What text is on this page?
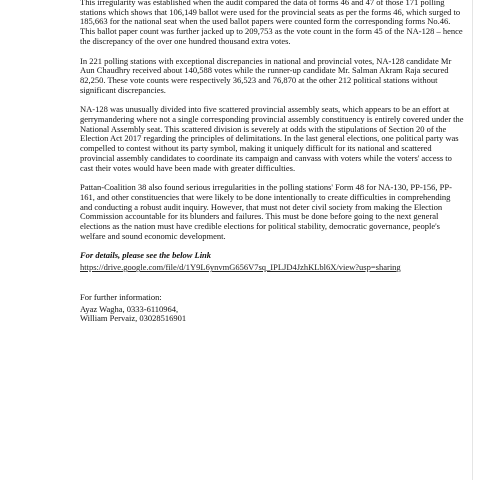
This irregularity was established when the audit compared the data of forms 46 and 47 of those 171 polling stations which shows that 106,149 ballot were used for the provincial seats as per the forms 46, which surged to 185,663 for the national seat when the used ballot papers were counted form the corresponding forms No.46. This ballot paper count was further jacked up to 209,753 as the vote count in the form 45 of the NA-128 – hence the discrepancy of the over one hundred thousand extra votes.

In 221 polling stations with exceptional discrepancies in national and provincial votes, NA-128 candidate Mr Aun Chaudhry received about 140,588 votes while the runner-up candidate Mr. Salman Akram Raja secured 82,250. These vote counts were respectively 36,523 and 76,870 at the other 212 political stations without significant discrepancies.

NA-128 was unusually divided into five scattered provincial assembly seats, which appears to be an effort at gerrymandering where not a single corresponding provincial assembly constituency is entirely covered under the National Assembly seat. This scattered division is severely at odds with the stipulations of Section 20 of the Election Act 2017 regarding the principles of delimitations. In the last general elections, one political party was compelled to contest without its party symbol, making it uniquely difficult for its national and scattered provincial assembly candidates to coordinate its campaign and canvass with voters while the voters' access to cast their votes would have been made with greater difficulties.

Pattan-Coalition 38 also found serious irregularities in the polling stations' Form 48 for NA-130, PP-156, PP-161, and other constituencies that were likely to be done intentionally to create difficulties in comprehending and conducting a robust audit inquiry. However, that must not deter civil society from making the Election Commission accountable for its blunders and failures. This must be done before going to the next general elections as the nation must have credible elections for political stability, democratic governance, people's welfare and sound economic development.

For details, please see the below Link
https://drive.google.com/file/d/1Y9L6ynvmG656V7sq_IPLJD4JzhKLbl6X/view?usp=sharing

For further information:

Ayaz Wagha, 0333-6110964,

William Pervaiz, 03028516901
